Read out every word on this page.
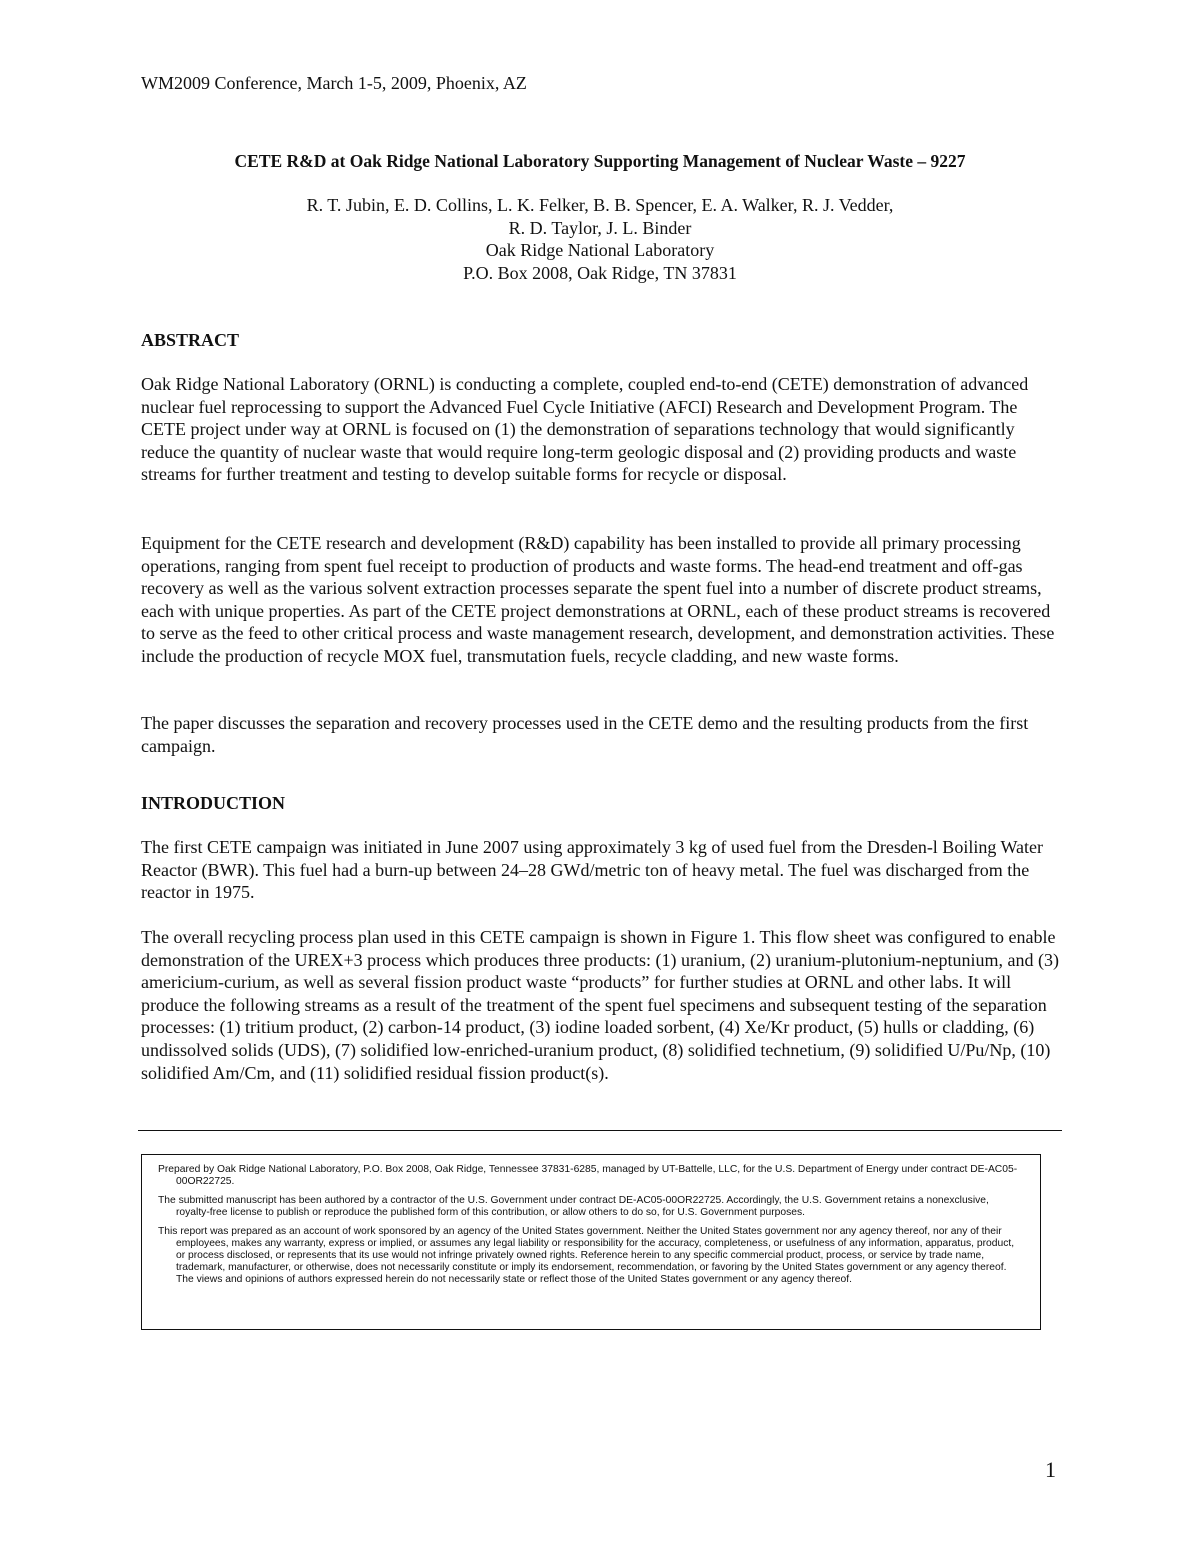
WM2009 Conference, March 1-5, 2009, Phoenix, AZ
CETE R&D at Oak Ridge National Laboratory Supporting Management of Nuclear Waste – 9227
R. T. Jubin, E. D. Collins, L. K. Felker, B. B. Spencer, E. A. Walker, R. J. Vedder,
R. D. Taylor, J. L. Binder
Oak Ridge National Laboratory
P.O. Box 2008, Oak Ridge, TN 37831
ABSTRACT

Oak Ridge National Laboratory (ORNL) is conducting a complete, coupled end-to-end (CETE) demonstration of advanced nuclear fuel reprocessing to support the Advanced Fuel Cycle Initiative (AFCI) Research and Development Program. The CETE project under way at ORNL is focused on (1) the demonstration of separations technology that would significantly reduce the quantity of nuclear waste that would require long-term geologic disposal and (2) providing products and waste streams for further treatment and testing to develop suitable forms for recycle or disposal.

Equipment for the CETE research and development (R&D) capability has been installed to provide all primary processing operations, ranging from spent fuel receipt to production of products and waste forms. The head-end treatment and off-gas recovery as well as the various solvent extraction processes separate the spent fuel into a number of discrete product streams, each with unique properties. As part of the CETE project demonstrations at ORNL, each of these product streams is recovered to serve as the feed to other critical process and waste management research, development, and demonstration activities. These include the production of recycle MOX fuel, transmutation fuels, recycle cladding, and new waste forms.

The paper discusses the separation and recovery processes used in the CETE demo and the resulting products from the first campaign.

INTRODUCTION

The first CETE campaign was initiated in June 2007 using approximately 3 kg of used fuel from the Dresden-l Boiling Water Reactor (BWR). This fuel had a burn-up between 24–28 GWd/metric ton of heavy metal. The fuel was discharged from the reactor in 1975.

The overall recycling process plan used in this CETE campaign is shown in Figure 1. This flow sheet was configured to enable demonstration of the UREX+3 process which produces three products: (1) uranium, (2) uranium-plutonium-neptunium, and (3) americium-curium, as well as several fission product waste “products” for further studies at ORNL and other labs. It will produce the following streams as a result of the treatment of the spent fuel specimens and subsequent testing of the separation processes: (1) tritium product, (2) carbon-14 product, (3) iodine loaded sorbent, (4) Xe/Kr product, (5) hulls or cladding, (6) undissolved solids (UDS), (7) solidified low-enriched-uranium product, (8) solidified technetium, (9) solidified U/Pu/Np, (10) solidified Am/Cm, and (11) solidified residual fission product(s).

Prepared by Oak Ridge National Laboratory, P.O. Box 2008, Oak Ridge, Tennessee 37831-6285, managed by UT-Battelle, LLC, for the U.S. Department of Energy under contract DE-AC05-00OR22725.

The submitted manuscript has been authored by a contractor of the U.S. Government under contract DE-AC05-00OR22725. Accordingly, the U.S. Government retains a nonexclusive, royalty-free license to publish or reproduce the published form of this contribution, or allow others to do so, for U.S. Government purposes.

This report was prepared as an account of work sponsored by an agency of the United States government. Neither the United States government nor any agency thereof, nor any of their employees, makes any warranty, express or implied, or assumes any legal liability or responsibility for the accuracy, completeness, or usefulness of any information, apparatus, product, or process disclosed, or represents that its use would not infringe privately owned rights. Reference herein to any specific commercial product, process, or service by trade name, trademark, manufacturer, or otherwise, does not necessarily constitute or imply its endorsement, recommendation, or favoring by the United States government or any agency thereof. The views and opinions of authors expressed herein do not necessarily state or reflect those of the United States government or any agency thereof.

1
